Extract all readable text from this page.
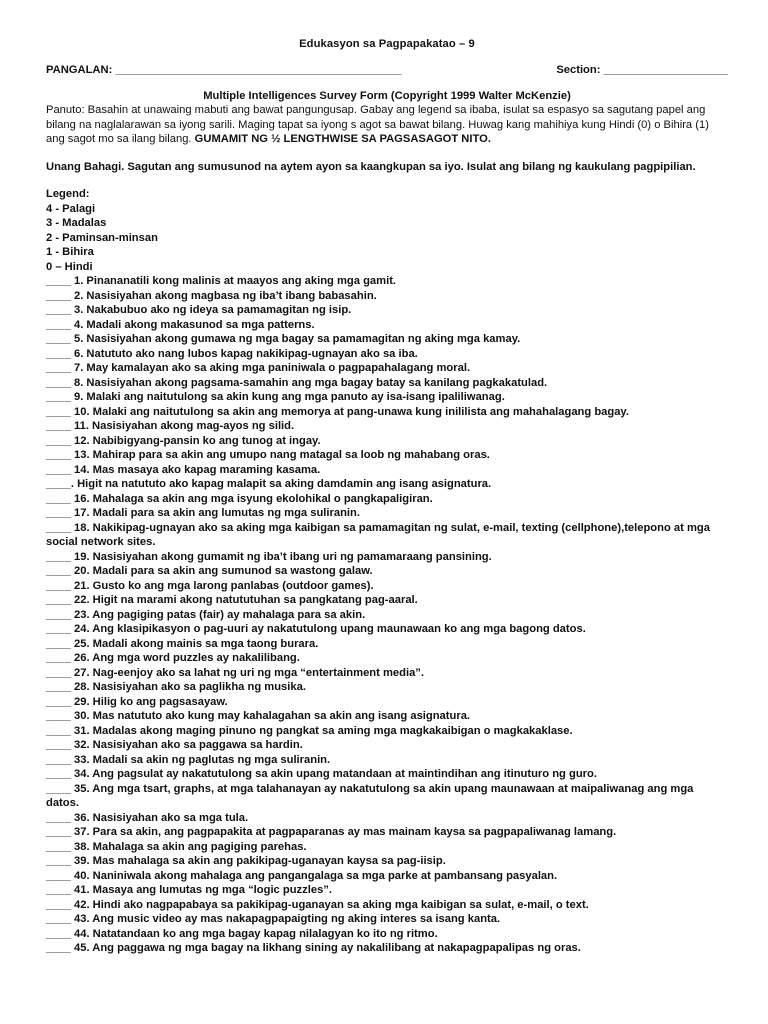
Edukasyon sa Pagpapakatao – 9
PANGALAN: ______________________________________________	Section: ____________________
Multiple Intelligences Survey Form (Copyright 1999 Walter McKenzie)

Panuto: Basahin at unawaing mabuti ang bawat pangungusap. Gabay ang legend sa ibaba, isulat sa espasyo sa sagutang papel ang bilang na naglalarawan sa iyong sarili. Maging tapat sa iyong s agot sa bawat bilang. Huwag kang mahihiya kung Hindi (0) o Bihira (1) ang sagot mo sa ilang bilang. GUMAMIT NG ½ LENGTHWISE SA PAGSASAGOT NITO.

Unang Bahagi. Sagutan ang sumusunod na aytem ayon sa kaangkupan sa iyo. Isulat ang bilang ng kaukulang pagpipilian.

Legend:

4 - Palagi
3 - Madalas
2 - Paminsan-minsan
1 - Bihira
0 – Hindi
____ 1. Pinananatili kong malinis at maayos ang aking mga gamit.
____ 2. Nasisiyahan akong magbasa ng iba’t ibang babasahin.
____ 3. Nakabubuo ako ng ideya sa pamamagitan ng isip.
____ 4. Madali akong makasunod sa mga patterns.
____ 5. Nasisiyahan akong gumawa ng mga bagay sa pamamagitan ng aking mga kamay.
____ 6. Natututo ako nang lubos kapag nakikipag-ugnayan ako sa iba.
____ 7. May kamalayan ako sa aking mga paniniwala o pagpapahalagang moral.
____ 8. Nasisiyahan akong pagsama-samahin ang mga bagay batay sa kanilang pagkakatulad.
____ 9. Malaki ang naitutulong sa akin kung ang mga panuto ay isa-isang ipaliliwanag.
____ 10. Malaki ang naitutulong sa akin ang memorya at pang-unawa kung inililista ang mahahalagang bagay.
____ 11. Nasisiyahan akong mag-ayos ng silid.
____ 12. Nabibigyang-pansin ko ang tunog at ingay.
____ 13. Mahirap para sa akin ang umupo nang matagal sa loob ng mahabang oras.
____ 14. Mas masaya ako kapag maraming kasama.
____. Higit na natututo ako kapag malapit sa aking damdamin ang isang asignatura.
____ 16. Mahalaga sa akin ang mga isyung ekolohikal o pangkapaligiran.
____ 17. Madali para sa akin ang lumutas ng mga suliranin.
____ 18. Nakikipag-ugnayan ako sa aking mga kaibigan sa pamamagitan ng sulat, e-mail, texting (cellphone),telepono at mga social network sites.
____ 19. Nasisiyahan akong gumamit ng iba’t ibang uri ng pamamaraang pansining.
____ 20. Madali para sa akin ang sumunod sa wastong galaw.
____ 21. Gusto ko ang mga larong panlabas (outdoor games).
____ 22. Higit na marami akong natututuhan sa pangkatang pag-aaral.
____ 23. Ang pagiging patas (fair) ay mahalaga para sa akin.
____ 24. Ang klasipikasyon o pag-uuri ay nakatutulong upang maunawaan ko ang mga bagong datos.
____ 25. Madali akong mainis sa mga taong burara.
____ 26. Ang mga word puzzles ay nakalilibang.
____ 27. Nag-eenjoy ako sa lahat ng uri ng mga “entertainment media”.
____ 28. Nasisiyahan ako sa paglikha ng musika.
____ 29. Hilig ko ang pagsasayaw.
____ 30. Mas natututo ako kung may kahalagahan sa akin ang isang asignatura.
____ 31. Madalas akong maging pinuno ng pangkat sa aming mga magkakaibigan o magkakaklase.
____ 32. Nasisiyahan ako sa paggawa sa hardin.
____ 33. Madali sa akin ng paglutas ng mga suliranin.
____ 34. Ang pagsulat ay nakatutulong sa akin upang matandaan at maintindihan ang itinuturo ng guro.
____ 35. Ang mga tsart, graphs, at mga talahanayan ay nakatutulong sa akin upang maunawaan at maipaliwanag ang mga datos.
____ 36. Nasisiyahan ako sa mga tula.
____ 37. Para sa akin, ang pagpapakita at pagpaparanas ay mas mainam kaysa sa pagpapaliwanag lamang.
____ 38. Mahalaga sa akin ang pagiging parehas.
____ 39. Mas mahalaga sa akin ang pakikipag-uganayan kaysa sa pag-iisip.
____ 40. Naniniwala akong mahalaga ang pangangalaga sa mga parke at pambansang pasyalan.
____ 41. Masaya ang lumutas ng mga “logic puzzles”.
____ 42. Hindi ako nagpapabaya sa pakikipag-uganayan sa aking mga kaibigan sa sulat, e-mail, o text.
____ 43. Ang music video ay mas nakapagpapaigting ng aking interes sa isang kanta.
____ 44. Natatandaan ko ang mga bagay kapag nilalagyan ko ito ng ritmo.
____ 45. Ang paggawa ng mga bagay na likhang sining ay nakalilibang at nakapagpapalipas ng oras.
